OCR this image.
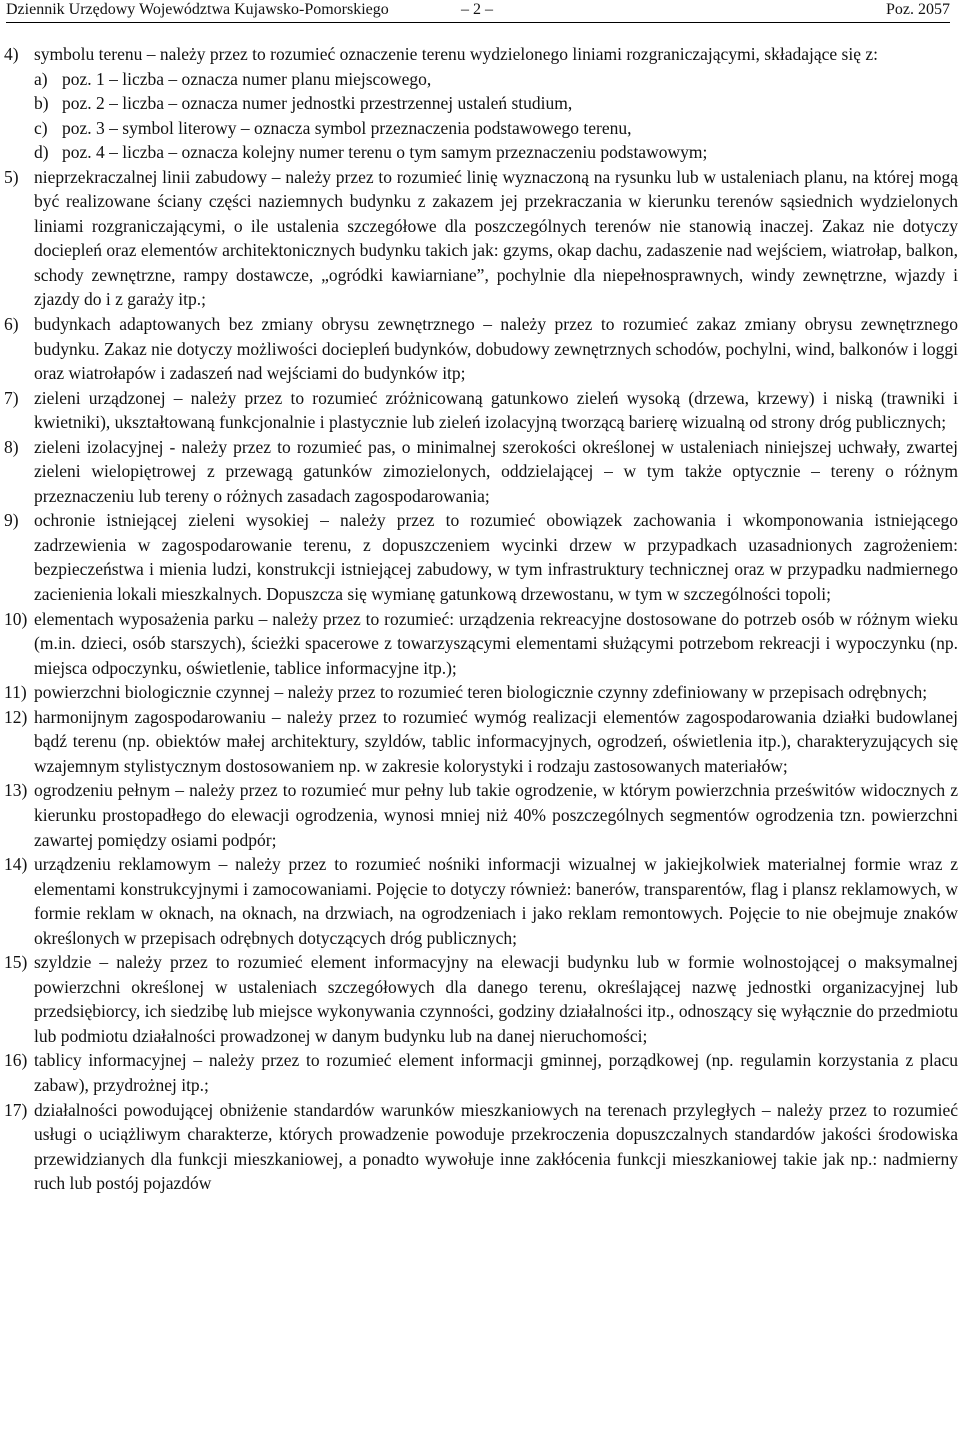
Dziennik Urzędowy Województwa Kujawsko-Pomorskiego	– 2 –	Poz. 2057
4) symbolu terenu – należy przez to rozumieć oznaczenie terenu wydzielonego liniami rozgraniczającymi, składające się z:
a) poz. 1 – liczba – oznacza numer planu miejscowego,
b) poz. 2 – liczba – oznacza numer jednostki przestrzennej ustaleń studium,
c) poz. 3 – symbol literowy – oznacza symbol przeznaczenia podstawowego terenu,
d) poz. 4 – liczba – oznacza kolejny numer terenu o tym samym przeznaczeniu podstawowym;
5) nieprzekraczalnej linii zabudowy – należy przez to rozumieć linię wyznaczoną na rysunku lub w ustaleniach planu, na której mogą być realizowane ściany części naziemnych budynku z zakazem jej przekraczania w kierunku terenów sąsiednich wydzielonych liniami rozgraniczającymi, o ile ustalenia szczegółowe dla poszczególnych terenów nie stanowią inaczej. Zakaz nie dotyczy dociepleń oraz elementów architektonicznych budynku takich jak: gzyms, okap dachu, zadaszenie nad wejściem, wiatrołap, balkon, schody zewnętrzne, rampy dostawcze, „ogródki kawiarniane”, pochylnie dla niepełnosprawnych, windy zewnętrzne, wjazdy i zjazdy do i z garaży itp.;
6) budynkach adaptowanych bez zmiany obrysu zewnętrznego – należy przez to rozumieć zakaz zmiany obrysu zewnętrznego budynku. Zakaz nie dotyczy możliwości dociepleń budynków, dobudowy zewnętrznych schodów, pochylni, wind, balkonów i loggi oraz wiatrołapów i zadaszeń nad wejściami do budynków itp;
7) zieleni urządzonej – należy przez to rozumieć zróżnicowaną gatunkowo zieleń wysoką (drzewa, krzewy) i niską (trawniki i kwietniki), ukształtowaną funkcjonalnie i plastycznie lub zieleń izolacyjną tworzącą barierę wizualną od strony dróg publicznych;
8) zieleni izolacyjnej - należy przez to rozumieć pas, o minimalnej szerokości określonej w ustaleniach niniejszej uchwały, zwartej zieleni wielopiętrowej z przewagą gatunków zimozielonych, oddzielającej – w tym także optycznie – tereny o różnym przeznaczeniu lub tereny o różnych zasadach zagospodarowania;
9) ochronie istniejącej zieleni wysokiej – należy przez to rozumieć obowiązek zachowania i wkomponowania istniejącego zadrzewienia w zagospodarowanie terenu, z dopuszczeniem wycinki drzew w przypadkach uzasadnionych zagrożeniem: bezpieczeństwa i mienia ludzi, konstrukcji istniejącej zabudowy, w tym infrastruktury technicznej oraz w przypadku nadmiernego zacienienia lokali mieszkalnych. Dopuszcza się wymianę gatunkową drzewostanu, w tym w szczególności topoli;
10) elementach wyposażenia parku – należy przez to rozumieć: urządzenia rekreacyjne dostosowane do potrzeb osób w różnym wieku (m.in. dzieci, osób starszych), ścieżki spacerowe z towarzyszącymi elementami służącymi potrzebom rekreacji i wypoczynku (np. miejsca odpoczynku, oświetlenie, tablice informacyjne itp.);
11) powierzchni biologicznie czynnej – należy przez to rozumieć teren biologicznie czynny zdefiniowany w przepisach odrębnych;
12) harmonijnym zagospodarowaniu – należy przez to rozumieć wymóg realizacji elementów zagospodarowania działki budowlanej bądź terenu (np. obiektów małej architektury, szyldów, tablic informacyjnych, ogrodzeń, oświetlenia itp.), charakteryzujących się wzajemnym stylistycznym dostosowaniem np. w zakresie kolorystyki i rodzaju zastosowanych materiałów;
13) ogrodzeniu pełnym – należy przez to rozumieć mur pełny lub takie ogrodzenie, w którym powierzchnia prześwitów widocznych z kierunku prostopadłego do elewacji ogrodzenia, wynosi mniej niż 40% poszczególnych segmentów ogrodzenia tzn. powierzchni zawartej pomiędzy osiami podpór;
14) urządzeniu reklamowym – należy przez to rozumieć nośniki informacji wizualnej w jakiejkolwiek materialnej formie wraz z elementami konstrukcyjnymi i zamocowaniami. Pojęcie to dotyczy również: banerów, transparentów, flag i plansz reklamowych, w formie reklam w oknach, na oknach, na drzwiach, na ogrodzeniach i jako reklam remontowych. Pojęcie to nie obejmuje znaków określonych w przepisach odrębnych dotyczących dróg publicznych;
15) szyldzie – należy przez to rozumieć element informacyjny na elewacji budynku lub w formie wolnostojącej o maksymalnej powierzchni określonej w ustaleniach szczegółowych dla danego terenu, określającej nazwę jednostki organizacyjnej lub przedsiębiorcy, ich siedzibę lub miejsce wykonywania czynności, godziny działalności itp., odnoszący się wyłącznie do przedmiotu lub podmiotu działalności prowadzonej w danym budynku lub na danej nieruchomości;
16) tablicy informacyjnej – należy przez to rozumieć element informacji gminnej, porządkowej (np. regulamin korzystania z placu zabaw), przydrożnej itp.;
17) działalności powodującej obniżenie standardów warunków mieszkaniowych na terenach przyległych – należy przez to rozumieć usługi o uciążliwym charakterze, których prowadzenie powoduje przekroczenia dopuszczalnych standardów jakości środowiska przewidzianych dla funkcji mieszkaniowej, a ponadto wywołuje inne zakłócenia funkcji mieszkaniowej takie jak np.: nadmierny ruch lub postój pojazdów
